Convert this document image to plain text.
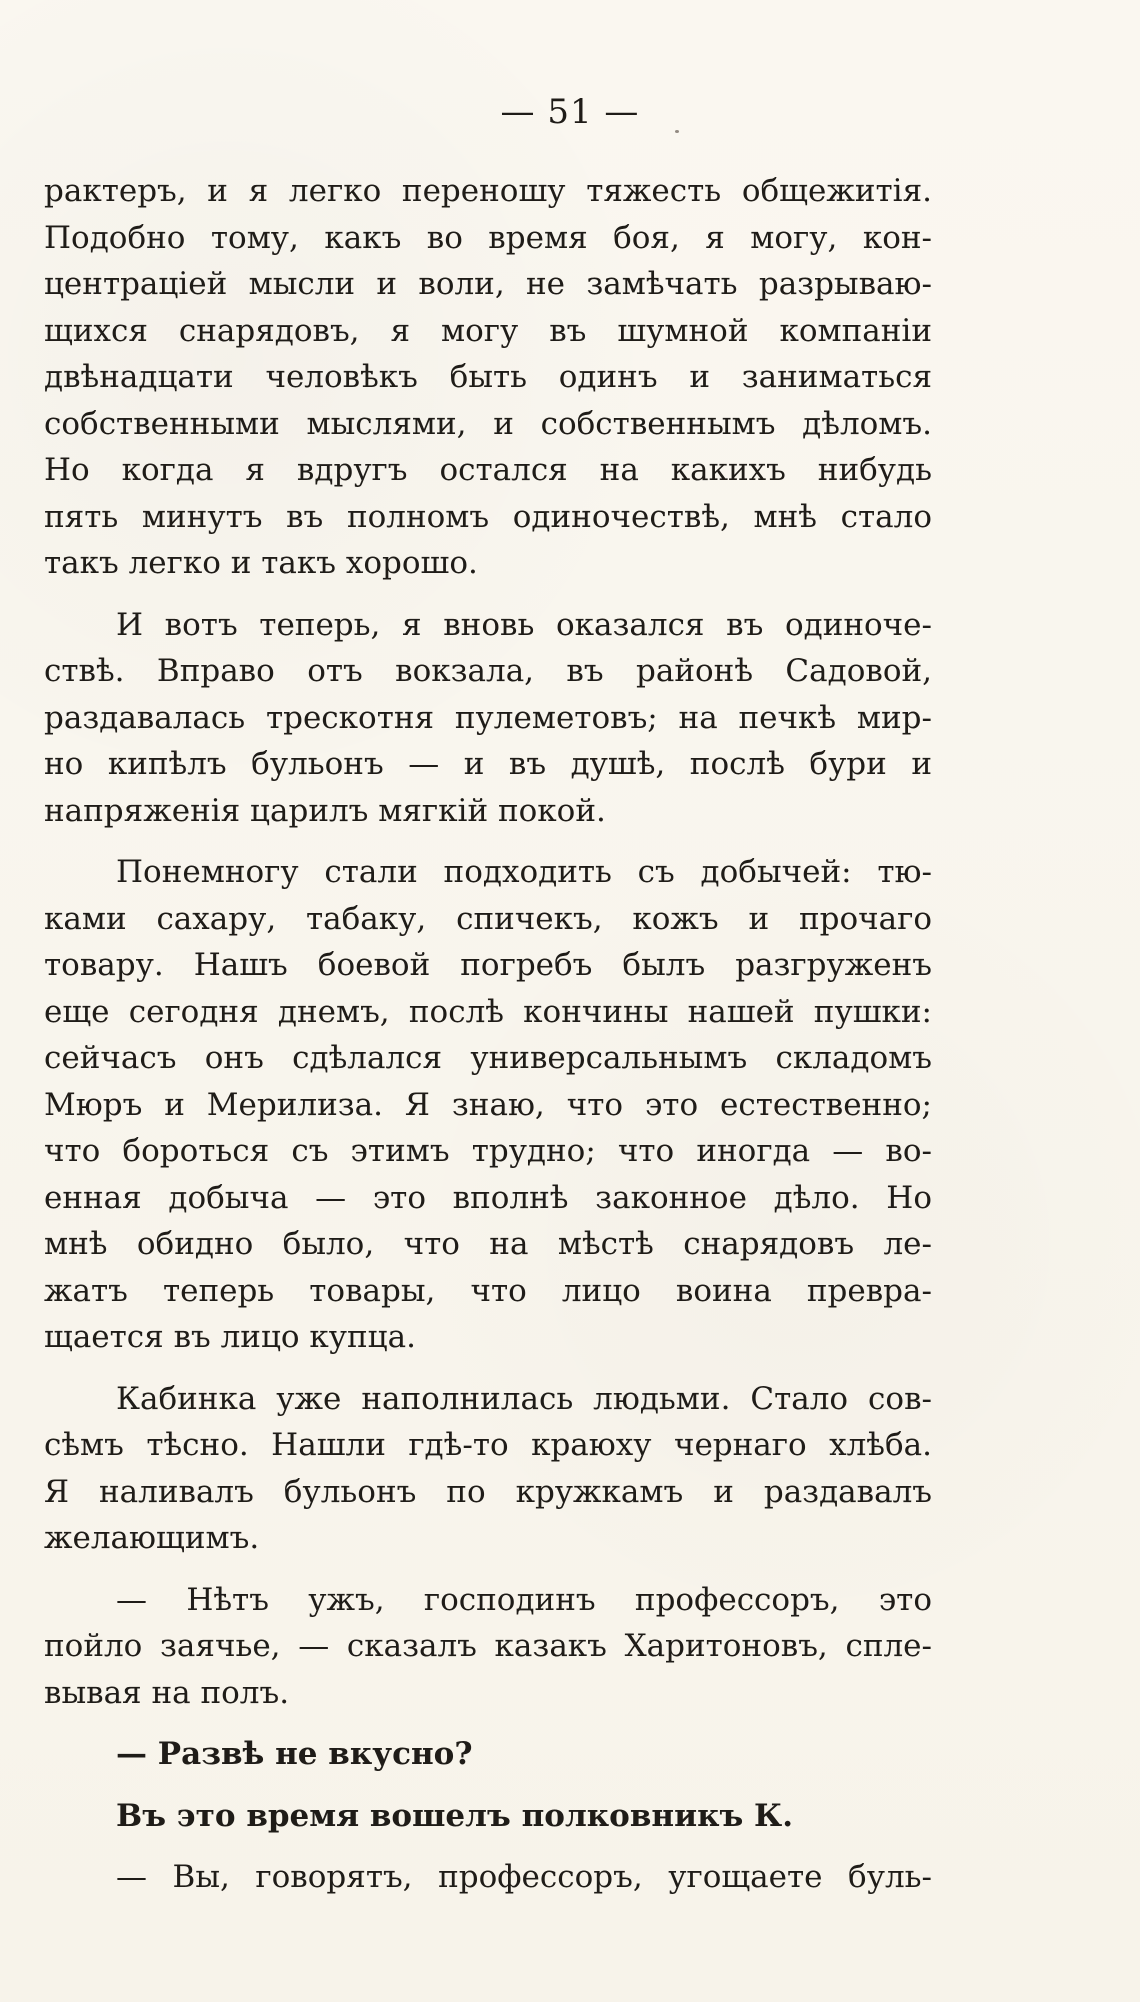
— 51 —
рактеръ, и я легко переношу тяжесть общежитія.
Подобно тому, какъ во время боя, я могу, кон-
центраціей мысли и воли, не замѣчать разрываю-
щихся снарядовъ, я могу въ шумной компаніи
двѣнадцати человѣкъ быть одинъ и заниматься
собственными мыслями, и собственнымъ дѣломъ.
Но когда я вдругъ остался на какихъ нибудь
пять минутъ въ полномъ одиночествѣ, мнѣ стало
такъ легко и такъ хорошо.
И вотъ теперь, я вновь оказался въ одиноче-
ствѣ. Вправо отъ вокзала, въ районѣ Садовой,
раздавалась трескотня пулеметовъ; на печкѣ мир-
но кипѣлъ бульонъ — и въ душѣ, послѣ бури и
напряженія царилъ мягкій покой.
Понемногу стали подходить съ добычей: тю-
ками сахару, табаку, спичекъ, кожъ и прочаго
товару. Нашъ боевой погребъ былъ разгруженъ
еще сегодня днемъ, послѣ кончины нашей пушки:
сейчасъ онъ сдѣлался универсальнымъ складомъ
Мюръ и Мерилиза. Я знаю, что это естественно;
что бороться съ этимъ трудно; что иногда — во-
енная добыча — это вполнѣ законное дѣло. Но
мнѣ обидно было, что на мѣстѣ снарядовъ ле-
жатъ теперь товары, что лицо воина превра-
щается въ лицо купца.
Кабинка уже наполнилась людьми. Стало сов-
сѣмъ тѣсно. Нашли гдѣ-то краюху чернаго хлѣба.
Я наливалъ бульонъ по кружкамъ и раздавалъ
желающимъ.
— Нѣтъ ужъ, господинъ профессоръ, это
пойло заячье, — сказалъ казакъ Харитоновъ, спле-
вывая на полъ.
— Развѣ не вкусно?
Въ это время вошелъ полковникъ К.
— Вы, говорятъ, профессоръ, угощаете буль-
